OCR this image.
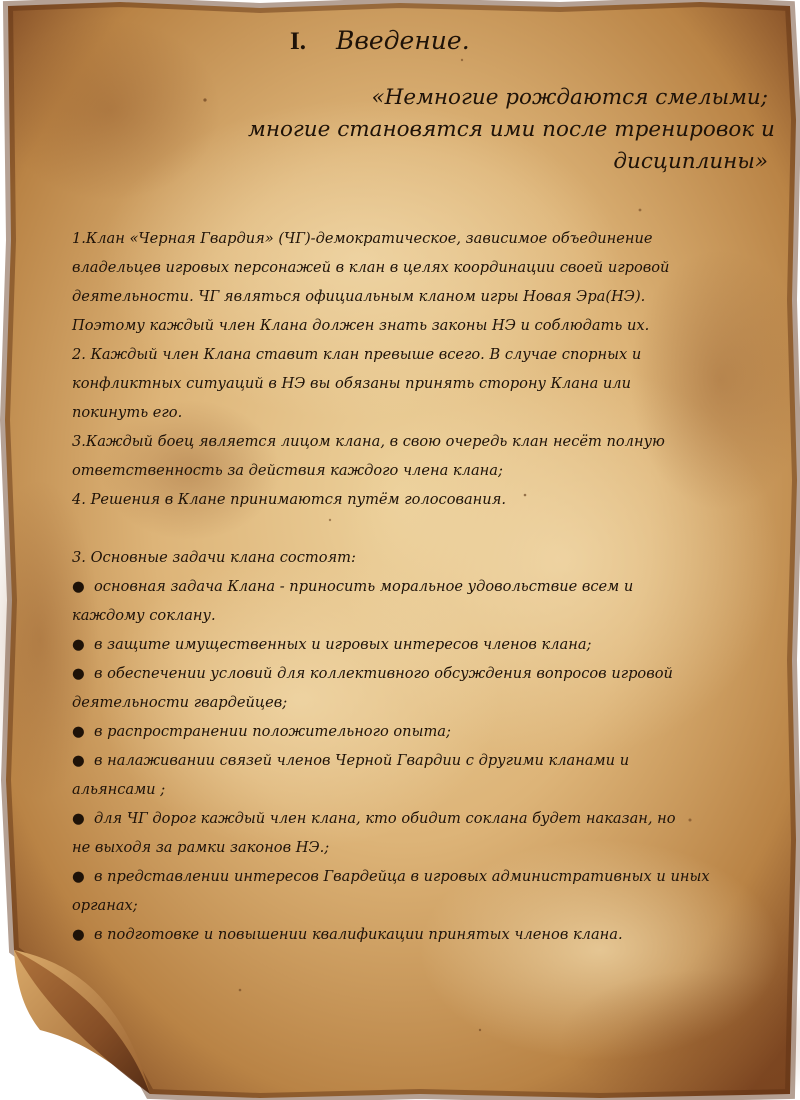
I. Введение.
«Немногие рождаются смелыми;
многие становятся ими после тренировок и
дисциплины»
1.Клан «Черная Гвардия» (ЧГ)-демократическое, зависимое объединение
владельцев игровых персонажей в клан в целях координации своей игровой
деятельности. ЧГ являться официальным кланом игры Новая Эра(НЭ).
Поэтому каждый член Клана должен знать законы НЭ и соблюдать их.
2. Каждый член Клана ставит клан превыше всего. В случае спорных и
конфликтных ситуаций в НЭ вы обязаны принять сторону Клана или
покинуть его.
3.Каждый боец является лицом клана, в свою очередь клан несёт полную
ответственность за действия каждого члена клана;
4. Решения в Клане принимаются путём голосования.
3. Основные задачи клана состоят:
● основная задача Клана - приносить моральное удовольствие всем и
каждому соклану.
● в защите имущественных и игровых интересов членов клана;
● в обеспечении условий для коллективного обсуждения вопросов игровой
деятельности гвардейцев;
● в распространении положительного опыта;
● в налаживании связей членов Черной Гвардии с другими кланами и
альянсами ;
● для ЧГ дорог каждый член клана, кто обидит соклана будет наказан, но
не выходя за рамки законов НЭ.;
● в представлении интересов Гвардейца в игровых административных и иных
органах;
● в подготовке и повышении квалификации принятых членов клана.
